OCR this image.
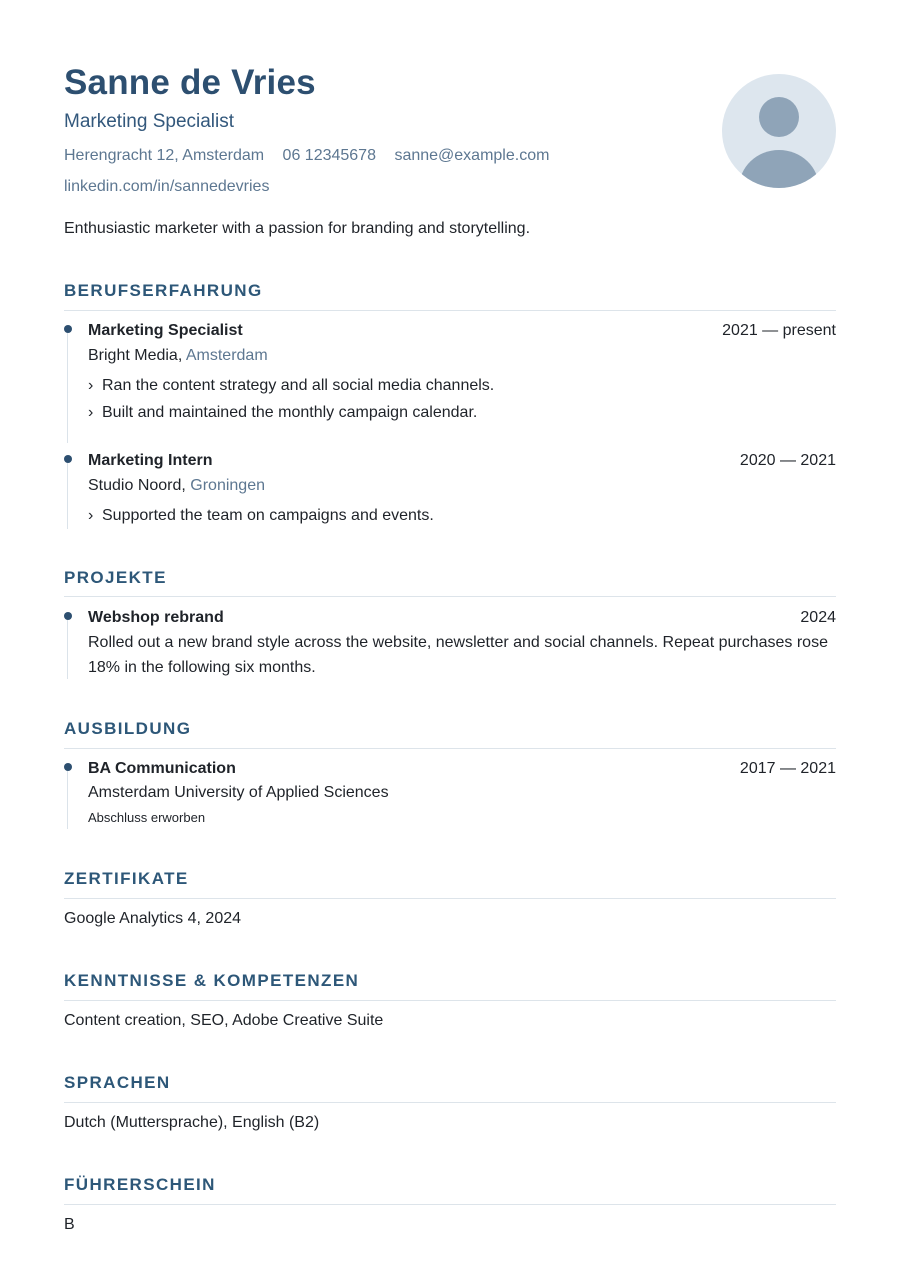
Sanne de Vries
Marketing Specialist
Herengracht 12, Amsterdam 06 12345678 sanne@example.com
linkedin.com/in/sannedevries
Enthusiastic marketer with a passion for branding and storytelling.
BERUFSERFAHRUNG
Marketing Specialist	2021 — present
Bright Media, Amsterdam
› Ran the content strategy and all social media channels.
› Built and maintained the monthly campaign calendar.
Marketing Intern	2020 — 2021
Studio Noord, Groningen
› Supported the team on campaigns and events.
PROJEKTE
Webshop rebrand	2024
Rolled out a new brand style across the website, newsletter and social channels. Repeat purchases rose 18% in the following six months.
AUSBILDUNG
BA Communication	2017 — 2021
Amsterdam University of Applied Sciences
Abschluss erworben
ZERTIFIKATE
Google Analytics 4, 2024
KENNTNISSE & KOMPETENZEN
Content creation, SEO, Adobe Creative Suite
SPRACHEN
Dutch (Muttersprache), English (B2)
FÜHRERSCHEIN
B
